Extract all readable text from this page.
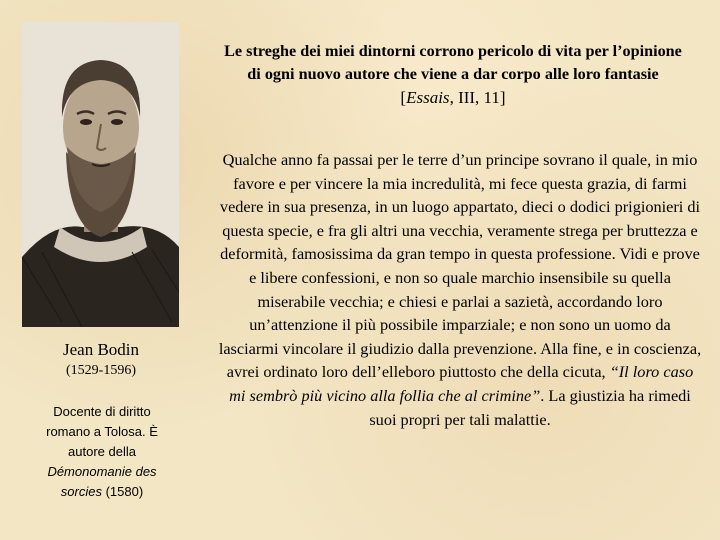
Jean Bodin
(1529-1596)
Docente di diritto
romano a Tolosa. È
autore della
Démonomanie des
sorcies (1580)
Le streghe dei miei dintorni corrono pericolo di vita per l’opinione di ogni nuovo autore che viene a dar corpo alle loro fantasie [Essais, III, 11]
Qualche anno fa passai per le terre d’un principe sovrano il quale, in mio favore e per vincere la mia incredulità, mi fece questa grazia, di farmi vedere in sua presenza, in un luogo appartato, dieci o dodici prigionieri di questa specie, e fra gli altri una vecchia, veramente strega per bruttezza e deformità, famosissima da gran tempo in questa professione. Vidi e prove e libere confessioni, e non so quale marchio insensibile su quella miserabile vecchia; e chiesi e parlai a sazietà, accordando loro un’attenzione il più possibile imparziale; e non sono un uomo da lasciarmi vincolare il giudizio dalla prevenzione. Alla fine, e in coscienza, avrei ordinato loro dell’elleboro piuttosto che della cicuta, “Il loro caso mi sembrò più vicino alla follia che al crimine”. La giustizia ha rimedi suoi propri per tali malattie.
